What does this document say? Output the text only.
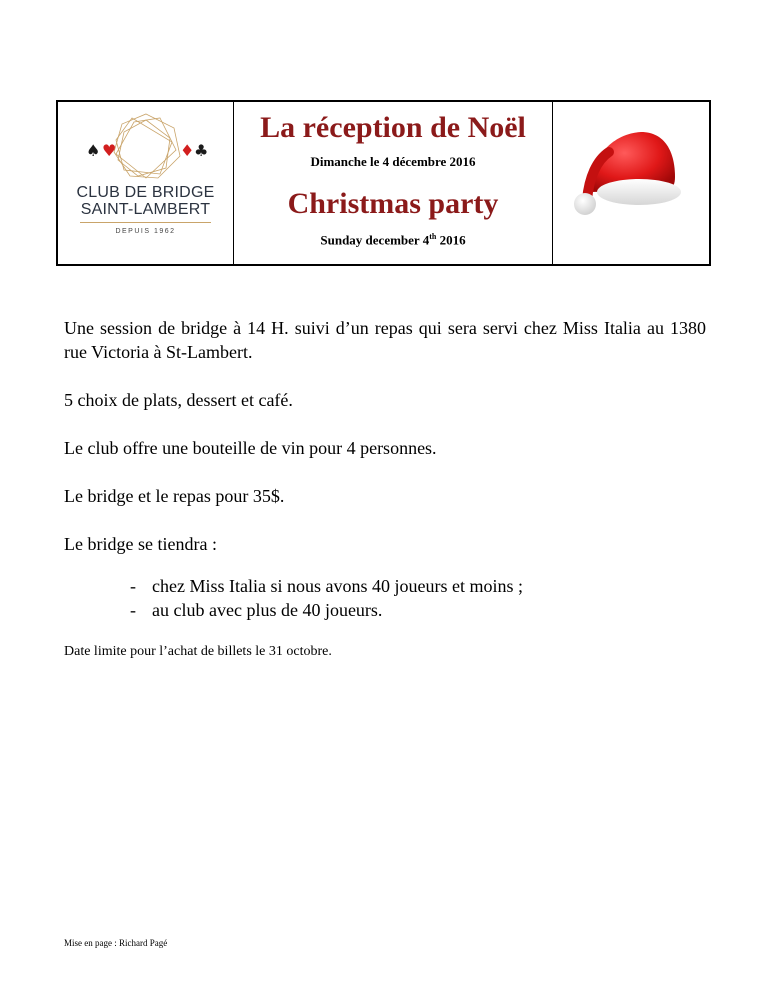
♠ ♥	♦ ♣
CLUB DE BRIDGE
SAINT-LAMBERT
DEPUIS 1962
La réception de Noël
Dimanche le 4 décembre 2016
Christmas party
Sunday december 4th 2016
Une session de bridge à 14 H. suivi d’un repas qui sera servi chez Miss Italia au 1380 rue Victoria à St-Lambert.
5 choix de plats, dessert et café.
Le club offre une bouteille de vin pour 4 personnes.
Le bridge et le repas pour 35$.
Le bridge se tiendra :
- chez Miss Italia si nous avons 40 joueurs et moins ;
- au club avec plus de 40 joueurs.
Date limite pour l’achat de billets le 31 octobre.
Mise en page : Richard Pagé
